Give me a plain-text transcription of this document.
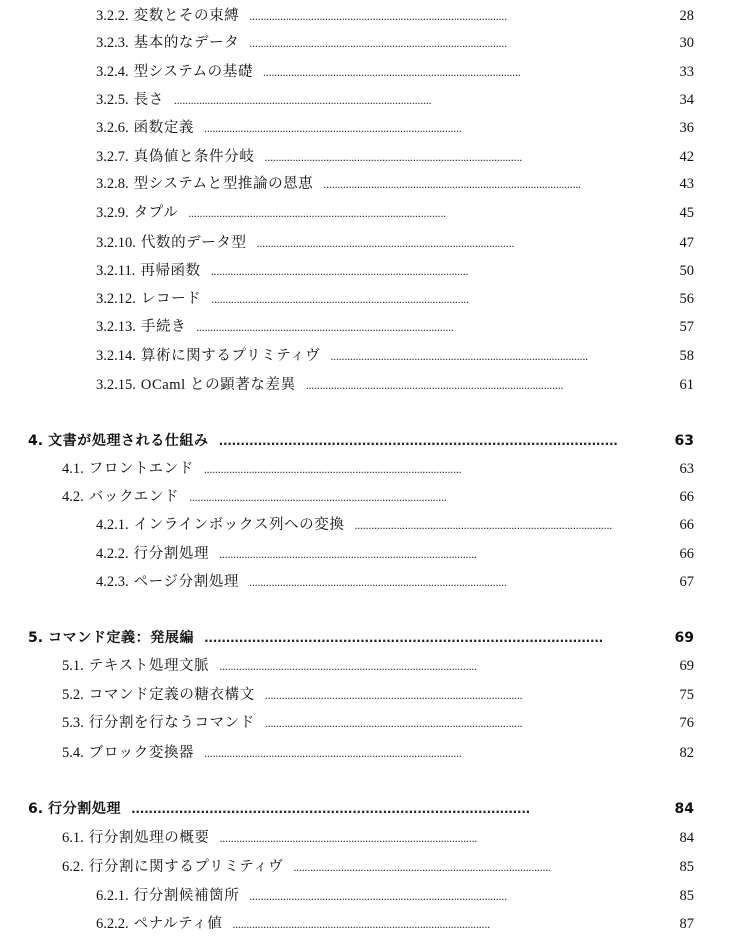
3.2.2. 変数とその束縛 . . .	28
3.2.3. 基本的なデータ . . .	30
3.2.4. 型システムの基礎 . . .	33
3.2.5. 長さ . . .	34
3.2.6. 函数定義 . . .	36
3.2.7. 真偽値と条件分岐 . . .	42
3.2.8. 型システムと型推論の恩恵 . . .	43
3.2.9. タプル . . .	45
3.2.10. 代数的データ型 . . .	47
3.2.11. 再帰函数 . . .	50
3.2.12. レコード . . .	56
3.2.13. 手続き . . .	57
3.2.14. 算術に関するプリミティヴ . . .	58
3.2.15. OCaml との顕著な差異 . . .	61
4. 文書が処理される仕組み . . .	63
4.1. フロントエンド . . .	63
4.2. バックエンド . . .	66
4.2.1. インラインボックス列への変換 . . .	66
4.2.2. 行分割処理 . . .	66
4.2.3. ページ分割処理 . . .	67
5. コマンド定義：発展編 . . .	69
5.1. テキスト処理文脈 . . .	69
5.2. コマンド定義の糖衣構文 . . .	75
5.3. 行分割を行なうコマンド . . .	76
5.4. ブロック変換器 . . .	82
6. 行分割処理 . . .	84
6.1. 行分割処理の概要 . . .	84
6.2. 行分割に関するプリミティヴ . . .	85
6.2.1. 行分割候補箇所 . . .	85
6.2.2. ペナルティ値 . . .	87
